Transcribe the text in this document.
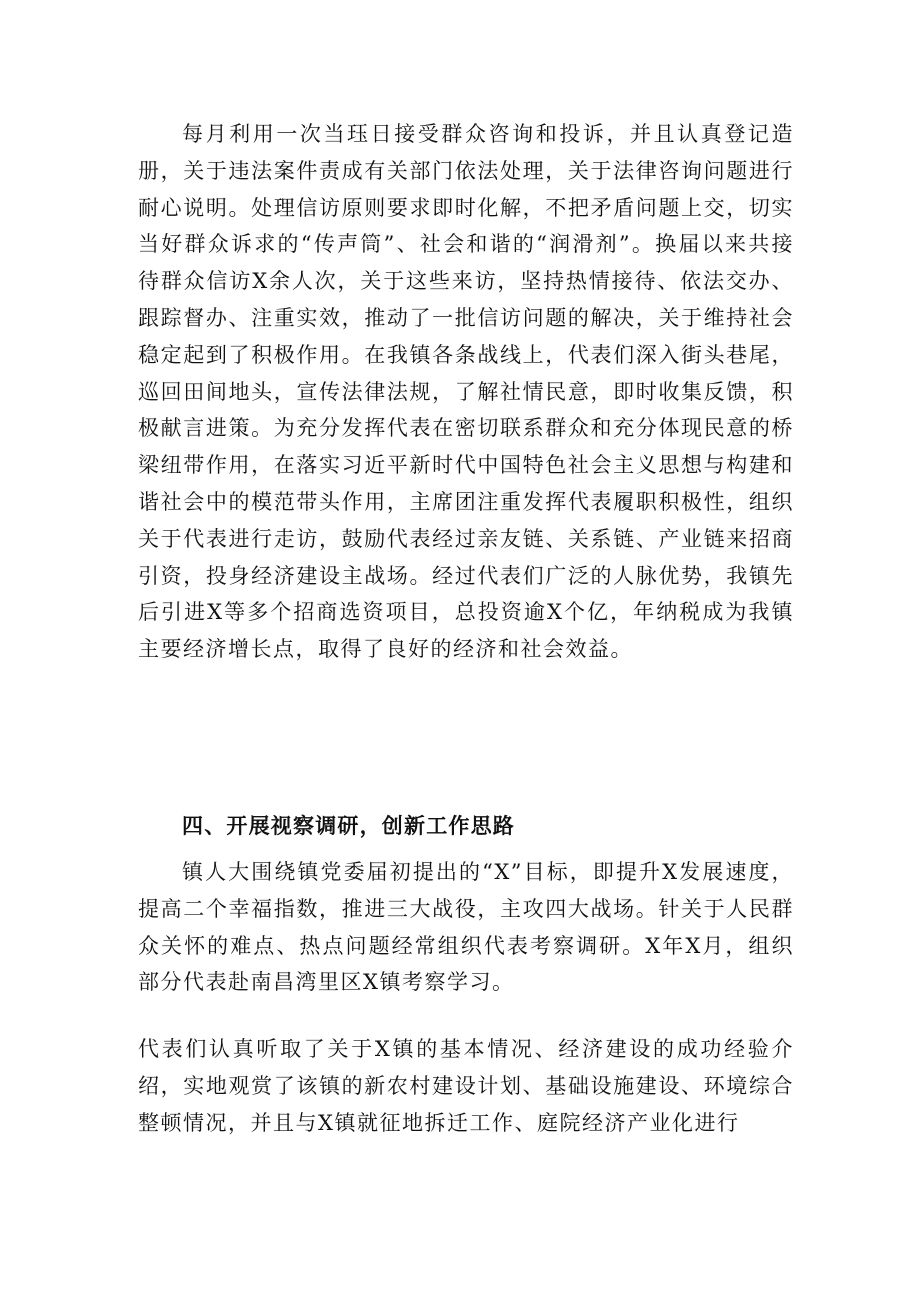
每月利用一次当珏日接受群众咨询和投诉，并且认真登记造册，关于违法案件责成有关部门依法处理，关于法律咨询问题进行耐心说明。处理信访原则要求即时化解，不把矛盾问题上交，切实当好群众诉求的“传声筒”、社会和谐的“润滑剂”。换届以来共接待群众信访X余人次，关于这些来访，坚持热情接待、依法交办、跟踪督办、注重实效，推动了一批信访问题的解决，关于维持社会稳定起到了积极作用。在我镇各条战线上，代表们深入街头巷尾，巡回田间地头，宣传法律法规，了解社情民意，即时收集反馈，积极献言进策。为充分发挥代表在密切联系群众和充分体现民意的桥梁纽带作用，在落实习近平新时代中国特色社会主义思想与构建和谐社会中的模范带头作用，主席团注重发挥代表履职积极性，组织关于代表进行走访，鼓励代表经过亲友链、关系链、产业链来招商引资，投身经济建设主战场。经过代表们广泛的人脉优势，我镇先后引进X等多个招商选资项目，总投资逾X个亿，年纳税成为我镇主要经济增长点，取得了良好的经济和社会效益。

四、开展视察调研，创新工作思路

镇人大围绕镇党委届初提出的“X”目标，即提升X发展速度，提高二个幸福指数，推进三大战役，主攻四大战场。针关于人民群众关怀的难点、热点问题经常组织代表考察调研。X年X月，组织部分代表赴南昌湾里区X镇考察学习。

代表们认真听取了关于X镇的基本情况、经济建设的成功经验介绍，实地观赏了该镇的新农村建设计划、基础设施建设、环境综合整顿情况，并且与X镇就征地拆迁工作、庭院经济产业化进行
